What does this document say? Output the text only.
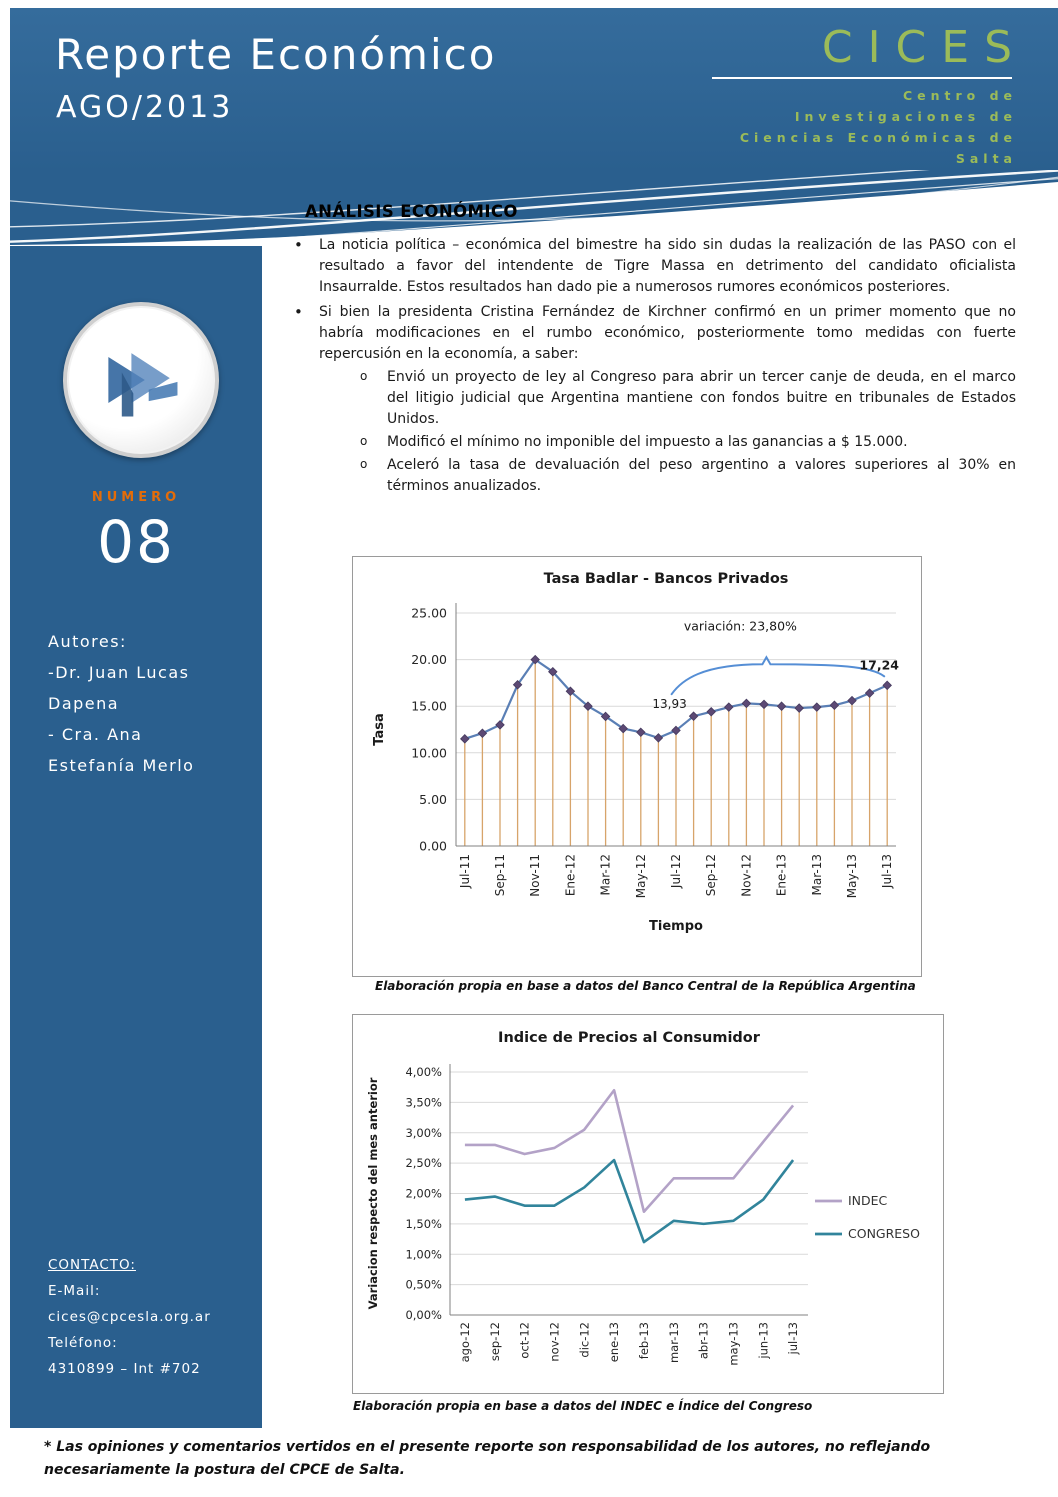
Reporte Económico
AGO/2013
CICES
Centro de
Investigaciones de
Ciencias Económicas de
Salta
NUMERO
08
Autores:
-Dr. Juan Lucas
Dapena
- Cra. Ana
Estefanía Merlo
CONTACTO:
E-Mail:
cices@cpcesla.org.ar
Teléfono:
4310899 – Int #702
ANÁLISIS ECONÓMICO
• La noticia política – económica del bimestre ha sido sin dudas la realización de las PASO con el resultado a favor del intendente de Tigre Massa en detrimento del candidato oficialista Insaurralde. Estos resultados han dado pie a numerosos rumores económicos posteriores.
• Si bien la presidenta Cristina Fernández de Kirchner confirmó en un primer momento que no habría modificaciones en el rumbo económico, posteriormente tomo medidas con fuerte repercusión en la economía, a saber:
o Envió un proyecto de ley al Congreso para abrir un tercer canje de deuda, en el marco del litigio judicial que Argentina mantiene con fondos buitre en tribunales de Estados Unidos.
o Modificó el mínimo no imponible del impuesto a las ganancias a $ 15.000.
o Aceleró la tasa de devaluación del peso argentino a valores superiores al 30% en términos anualizados.
0.00
5.00
10.00
15.00
20.00
25.00
Jul-11 Sep-11 Nov-11 Ene-12 Mar-12 May-12 Jul-12 Sep-12 Nov-12 Ene-13 Mar-13 May-13 Jul-13
Tasa
Tiempo
Tasa Badlar - Bancos Privados
13,93
17,24
variación: 23,80%
Elaboración propia en base a datos del Banco Central de la República Argentina
0,00%
0,50%
1,00%
1,50%
2,00%
2,50%
3,00%
3,50%
4,00%
ago-12 sep-12 oct-12 nov-12 dic-12 ene-13 feb-13 mar-13 abr-13 may-13 jun-13 jul-13
Variacion respecto del mes anterior
Indice de Precios al Consumidor
INDEC
CONGRESO
Elaboración propia en base a datos del INDEC e Índice del Congreso

* Las opiniones y comentarios vertidos en el presente reporte son responsabilidad de los autores, no reflejando necesariamente la postura del CPCE de Salta.
